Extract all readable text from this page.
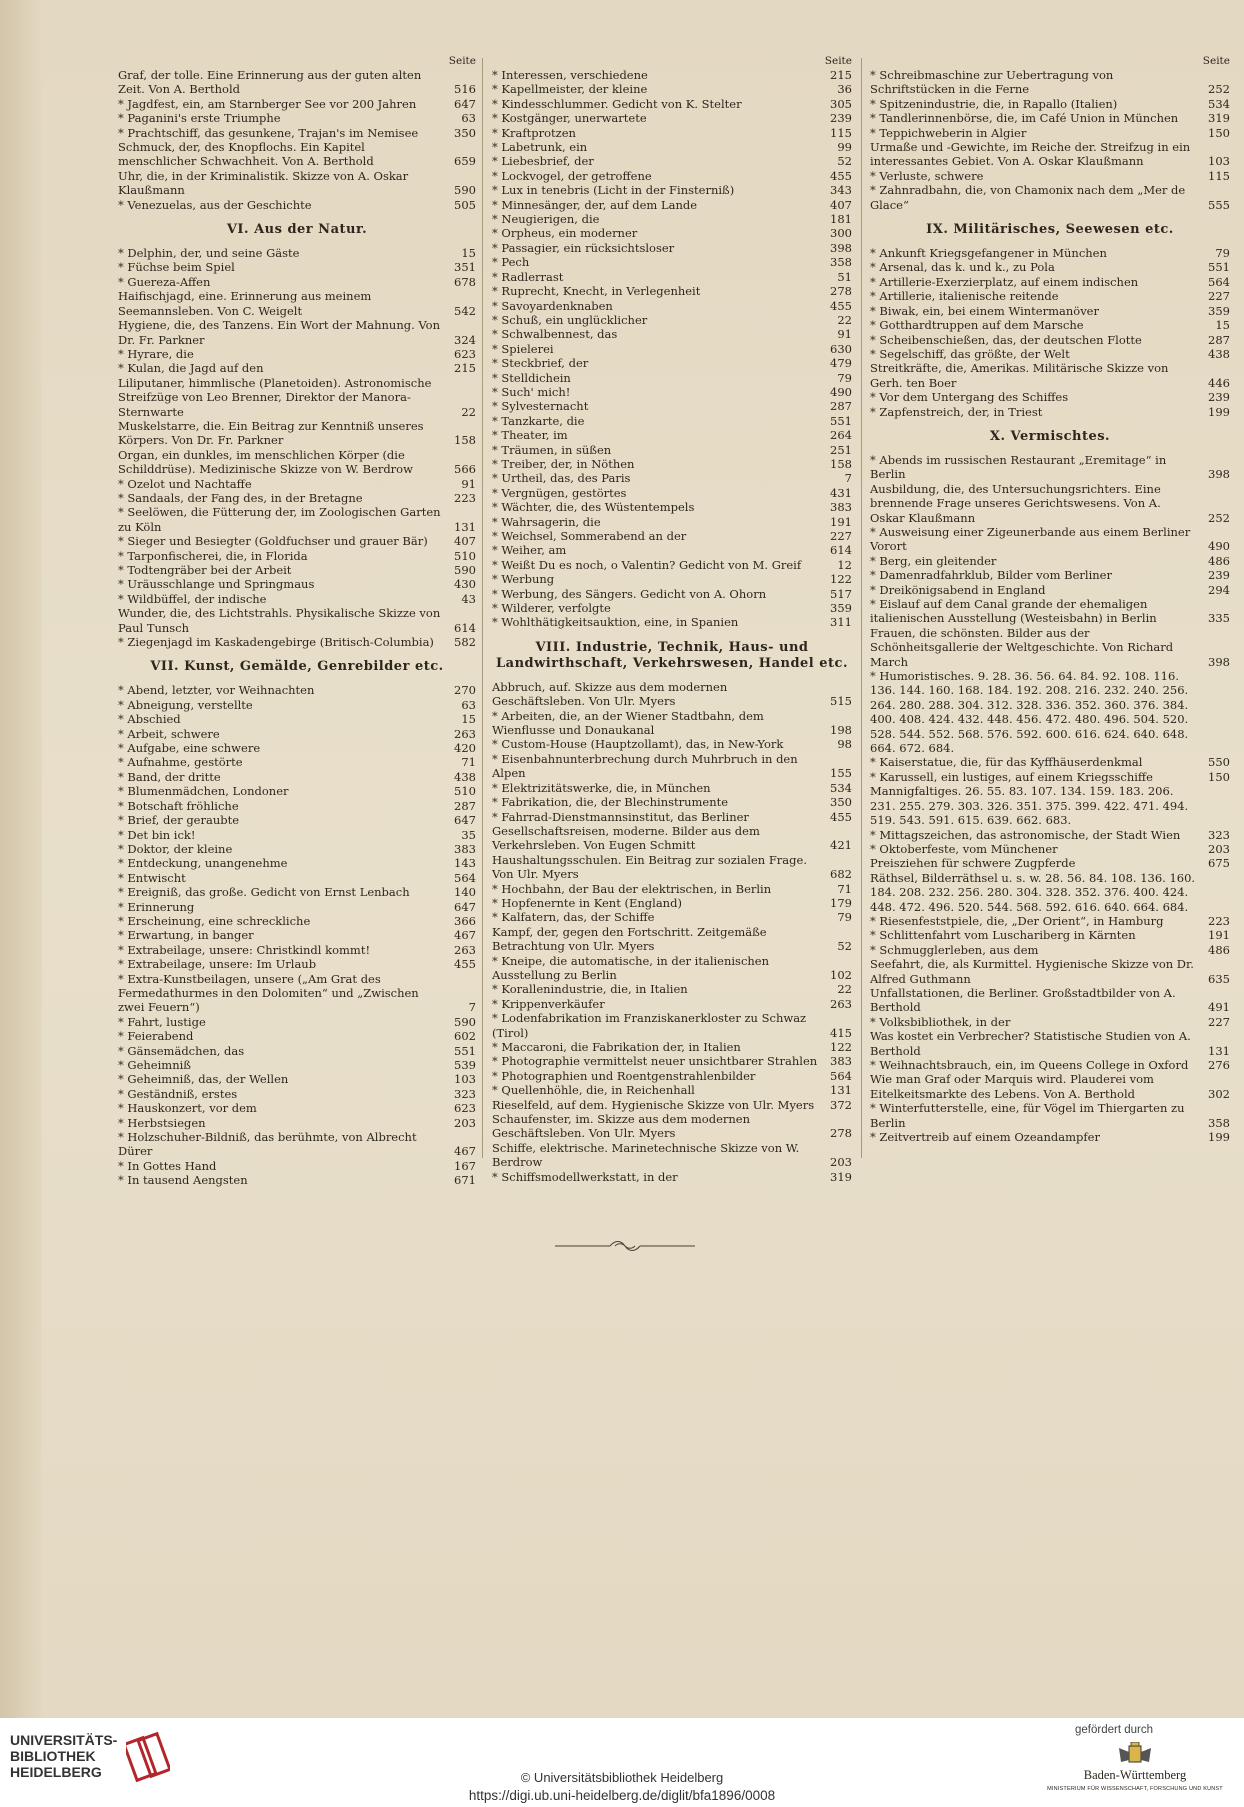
Seite
Graf, der tolle. Eine Erinnerung aus der guten alten Zeit. Von A. Berthold	516
* Jagdfest, ein, am Starnberger See vor 200 Jahren	647
* Paganini's erste Triumphe	63
* Prachtschiff, das gesunkene, Trajan's im Nemisee	350
Schmuck, der, des Knopflochs. Ein Kapitel menschlicher Schwachheit. Von A. Berthold	659
Uhr, die, in der Kriminalistik. Skizze von A. Oskar Klaußmann	590
* Venezuelas, aus der Geschichte	505
VI. Aus der Natur.
* Delphin, der, und seine Gäste	15
* Füchse beim Spiel	351
* Guereza-Affen	678
Haifischjagd, eine. Erinnerung aus meinem Seemannsleben. Von C. Weigelt	542
Hygiene, die, des Tanzens. Ein Wort der Mahnung. Von Dr. Fr. Parkner	324
* Hyrare, die	623
* Kulan, die Jagd auf den	215
Liliputaner, himmlische (Planetoiden). Astronomische Streifzüge von Leo Brenner, Direktor der Manora-Sternwarte	22
Muskelstarre, die. Ein Beitrag zur Kenntniß unseres Körpers. Von Dr. Fr. Parkner	158
Organ, ein dunkles, im menschlichen Körper (die Schilddrüse). Medizinische Skizze von W. Berdrow	566
* Ozelot und Nachtaffe	91
* Sandaals, der Fang des, in der Bretagne	223
* Seelöwen, die Fütterung der, im Zoologischen Garten zu Köln	131
* Sieger und Besiegter (Goldfuchser und grauer Bär)	407
* Tarponfischerei, die, in Florida	510
* Todtengräber bei der Arbeit	590
* Uräusschlange und Springmaus	430
* Wildbüffel, der indische	43
Wunder, die, des Lichtstrahls. Physikalische Skizze von Paul Tunsch	614
* Ziegenjagd im Kaskadengebirge (Britisch-Columbia)	582
VII. Kunst, Gemälde, Genrebilder etc.
* Abend, letzter, vor Weihnachten	270
* Abneigung, verstellte	63
* Abschied	15
* Arbeit, schwere	263
* Aufgabe, eine schwere	420
* Aufnahme, gestörte	71
* Band, der dritte	438
* Blumenmädchen, Londoner	510
* Botschaft fröhliche	287
* Brief, der geraubte	647
* Det bin ick!	35
* Doktor, der kleine	383
* Entdeckung, unangenehme	143
* Entwischt	564
* Ereigniß, das große. Gedicht von Ernst Lenbach	140
* Erinnerung	647
* Erscheinung, eine schreckliche	366
* Erwartung, in banger	467
* Extrabeilage, unsere: Christkindl kommt!	263
* Extrabeilage, unsere: Im Urlaub	455
* Extra-Kunstbeilagen, unsere („Am Grat des Fermedathurmes in den Dolomiten“ und „Zwischen zwei Feuern“)	7
* Fahrt, lustige	590
* Feierabend	602
* Gänsemädchen, das	551
* Geheimniß	539
* Geheimniß, das, der Wellen	103
* Geständniß, erstes	323
* Hauskonzert, vor dem	623
* Herbstsiegen	203
* Holzschuher-Bildniß, das berühmte, von Albrecht Dürer	467
* In Gottes Hand	167
* In tausend Aengsten	671
Seite
* Interessen, verschiedene	215
* Kapellmeister, der kleine	36
* Kindesschlummer. Gedicht von K. Stelter	305
* Kostgänger, unerwartete	239
* Kraftprotzen	115
* Labetrunk, ein	99
* Liebesbrief, der	52
* Lockvogel, der getroffene	455
* Lux in tenebris (Licht in der Finsterniß)	343
* Minnesänger, der, auf dem Lande	407
* Neugierigen, die	181
* Orpheus, ein moderner	300
* Passagier, ein rücksichtsloser	398
* Pech	358
* Radlerrast	51
* Ruprecht, Knecht, in Verlegenheit	278
* Savoyardenknaben	455
* Schuß, ein unglücklicher	22
* Schwalbennest, das	91
* Spielerei	630
* Steckbrief, der	479
* Stelldichein	79
* Such' mich!	490
* Sylvesternacht	287
* Tanzkarte, die	551
* Theater, im	264
* Träumen, in süßen	251
* Treiber, der, in Nöthen	158
* Urtheil, das, des Paris	7
* Vergnügen, gestörtes	431
* Wächter, die, des Wüstentempels	383
* Wahrsagerin, die	191
* Weichsel, Sommerabend an der	227
* Weiher, am	614
* Weißt Du es noch, o Valentin? Gedicht von M. Greif	12
* Werbung	122
* Werbung, des Sängers. Gedicht von A. Ohorn	517
* Wilderer, verfolgte	359
* Wohlthätigkeitsauktion, eine, in Spanien	311
VIII. Industrie, Technik, Haus- und Landwirthschaft, Verkehrswesen, Handel etc.
Abbruch, auf. Skizze aus dem modernen Geschäftsleben. Von Ulr. Myers	515
* Arbeiten, die, an der Wiener Stadtbahn, dem Wienflusse und Donaukanal	198
* Custom-House (Hauptzollamt), das, in New-York	98
* Eisenbahnunterbrechung durch Muhrbruch in den Alpen	155
* Elektrizitätswerke, die, in München	534
* Fabrikation, die, der Blechinstrumente	350
* Fahrrad-Dienstmannsinstitut, das Berliner	455
Gesellschaftsreisen, moderne. Bilder aus dem Verkehrsleben. Von Eugen Schmitt	421
Haushaltungsschulen. Ein Beitrag zur sozialen Frage. Von Ulr. Myers	682
* Hochbahn, der Bau der elektrischen, in Berlin	71
* Hopfenernte in Kent (England)	179
* Kalfatern, das, der Schiffe	79
Kampf, der, gegen den Fortschritt. Zeitgemäße Betrachtung von Ulr. Myers	52
* Kneipe, die automatische, in der italienischen Ausstellung zu Berlin	102
* Korallenindustrie, die, in Italien	22
* Krippenverkäufer	263
* Lodenfabrikation im Franziskanerkloster zu Schwaz (Tirol)	415
* Maccaroni, die Fabrikation der, in Italien	122
* Photographie vermittelst neuer unsichtbarer Strahlen	383
* Photographien und Roentgenstrahlenbilder	564
* Quellenhöhle, die, in Reichenhall	131
Rieselfeld, auf dem. Hygienische Skizze von Ulr. Myers	372
Schaufenster, im. Skizze aus dem modernen Geschäftsleben. Von Ulr. Myers	278
Schiffe, elektrische. Marinetechnische Skizze von W. Berdrow	203
* Schiffsmodellwerkstatt, in der	319
Seite
* Schreibmaschine zur Uebertragung von Schriftstücken in die Ferne	252
* Spitzenindustrie, die, in Rapallo (Italien)	534
* Tandlerinnenbörse, die, im Café Union in München	319
* Teppichweberin in Algier	150
Urmaße und -Gewichte, im Reiche der. Streifzug in ein interessantes Gebiet. Von A. Oskar Klaußmann	103
* Verluste, schwere	115
* Zahnradbahn, die, von Chamonix nach dem „Mer de Glace“	555
IX. Militärisches, Seewesen etc.
* Ankunft Kriegsgefangener in München	79
* Arsenal, das k. und k., zu Pola	551
* Artillerie-Exerzierplatz, auf einem indischen	564
* Artillerie, italienische reitende	227
* Biwak, ein, bei einem Wintermanöver	359
* Gotthardtruppen auf dem Marsche	15
* Scheibenschießen, das, der deutschen Flotte	287
* Segelschiff, das größte, der Welt	438
Streitkräfte, die, Amerikas. Militärische Skizze von Gerh. ten Boer	446
* Vor dem Untergang des Schiffes	239
* Zapfenstreich, der, in Triest	199
X. Vermischtes.
* Abends im russischen Restaurant „Eremitage“ in Berlin	398
Ausbildung, die, des Untersuchungsrichters. Eine brennende Frage unseres Gerichtswesens. Von A. Oskar Klaußmann	252
* Ausweisung einer Zigeunerbande aus einem Berliner Vorort	490
* Berg, ein gleitender	486
* Damenradfahrklub, Bilder vom Berliner	239
* Dreikönigsabend in England	294
* Eislauf auf dem Canal grande der ehemaligen italienischen Ausstellung (Westeisbahn) in Berlin	335
Frauen, die schönsten. Bilder aus der Schönheitsgallerie der Weltgeschichte. Von Richard March	398
* Humoristisches. 9. 28. 36. 56. 64. 84. 92. 108. 116. 136. 144. 160. 168. 184. 192. 208. 216. 232. 240. 256. 264. 280. 288. 304. 312. 328. 336. 352. 360. 376. 384. 400. 408. 424. 432. 448. 456. 472. 480. 496. 504. 520. 528. 544. 552. 568. 576. 592. 600. 616. 624. 640. 648. 664. 672. 684.
* Kaiserstatue, die, für das Kyffhäuserdenkmal	550
* Karussell, ein lustiges, auf einem Kriegsschiffe	150
Mannigfaltiges. 26. 55. 83. 107. 134. 159. 183. 206. 231. 255. 279. 303. 326. 351. 375. 399. 422. 471. 494. 519. 543. 591. 615. 639. 662. 683.
* Mittagszeichen, das astronomische, der Stadt Wien	323
* Oktoberfeste, vom Münchener	203
Preisziehen für schwere Zugpferde	675
Räthsel, Bilderräthsel u. s. w. 28. 56. 84. 108. 136. 160. 184. 208. 232. 256. 280. 304. 328. 352. 376. 400. 424. 448. 472. 496. 520. 544. 568. 592. 616. 640. 664. 684.
* Riesenfeststpiele, die, „Der Orient“, in Hamburg	223
* Schlittenfahrt vom Luschariberg in Kärnten	191
* Schmugglerleben, aus dem	486
Seefahrt, die, als Kurmittel. Hygienische Skizze von Dr. Alfred Guthmann	635
Unfallstationen, die Berliner. Großstadtbilder von A. Berthold	491
* Volksbibliothek, in der	227
Was kostet ein Verbrecher? Statistische Studien von A. Berthold	131
* Weihnachtsbrauch, ein, im Queens College in Oxford	276
Wie man Graf oder Marquis wird. Plauderei vom Eitelkeitsmarkte des Lebens. Von A. Berthold	302
* Winterfutterstelle, eine, für Vögel im Thiergarten zu Berlin	358
* Zeitvertreib auf einem Ozeandampfer	199
UNIVERSITÄTS-
BIBLIOTHEK
HEIDELBERG	© Universitätsbibliothek Heidelberg
https://digi.ub.uni-heidelberg.de/diglit/bfa1896/0008
gefördert durch
Baden-Württemberg
MINISTERIUM FÜR WISSENSCHAFT, FORSCHUNG UND KUNST
